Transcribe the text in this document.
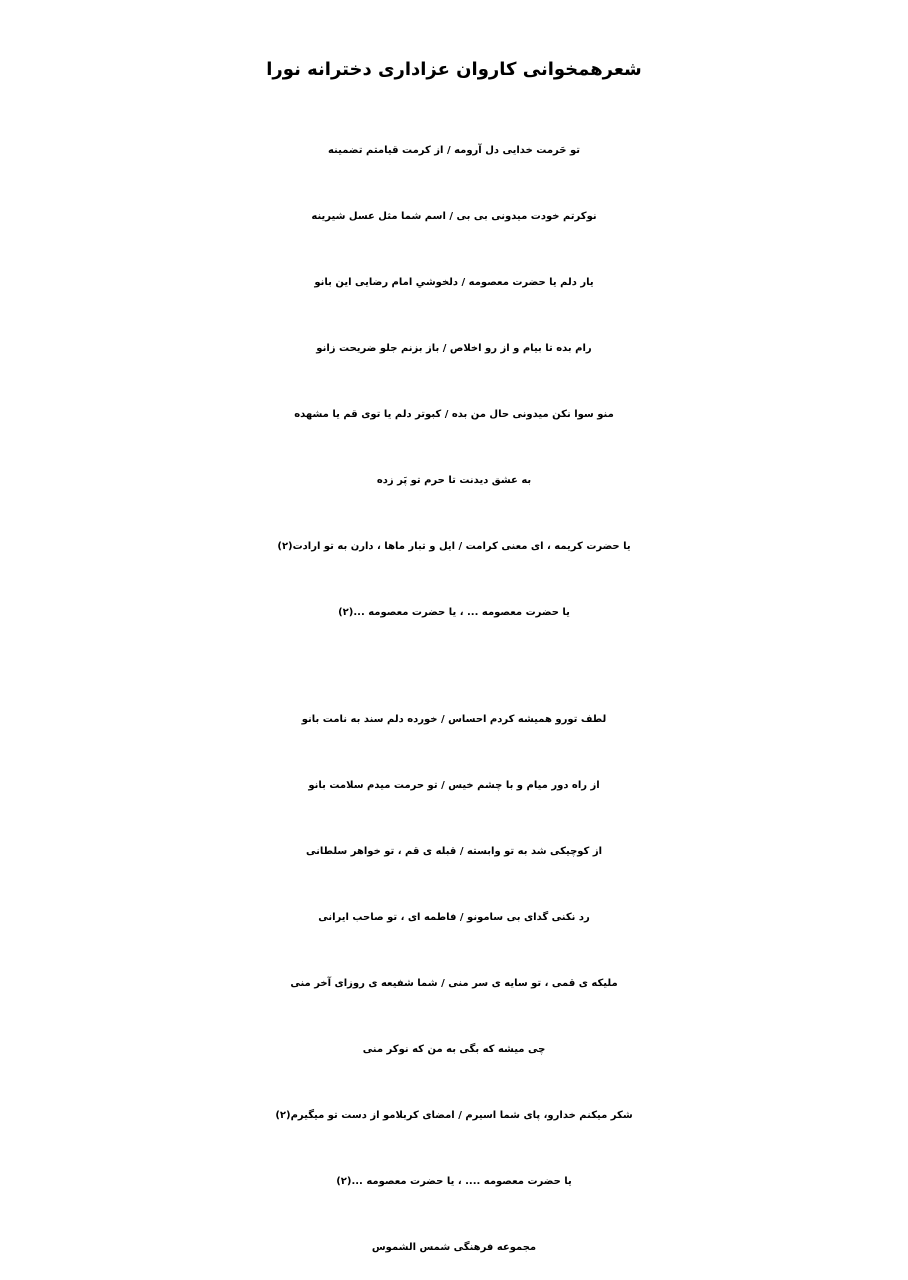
شعرهمخوانی کاروان عزاداری دخترانه نورا
تو حَرمت خدایی دل آرومه / از کرمت قیامتم تضمینه
نوکرتم خودت میدونی بی بی / اسم شما مثل عسل شیرینه
یار دلم یا حضرت معصومه / دلخوشیِ امام رضایی این بانو
رام بده تا بیام و از رو اخلاص / باز بزنم جلو ضریحت زانو
منو سوا نکن میدونی حال من بده / کبوتر دلم یا توی قم یا مشهده
به عشق دیدنت تا حرم تو پَر زده
یا حضرت کریمه ، ای معنی کرامت / ایل و تبار ماها ، دارن به تو ارادت(۲)
یا حضرت معصومه ... ، یا حضرت معصومه ...(۲)
لطف تورو همیشه کردم احساس / خورده دلم سند به نامت بانو
از راه دور میام و با چشم خیس / تو حرمت میدم سلامت بانو
از کوچیکی شد به تو وابسته / قبله ی قم ، تو خواهر سلطانی
رد نکنی گدای بی سامونو / فاطمه ای ، تو صاحب ایرانی
ملیکه ی قمی ، تو سایه ی سر منی / شما شفیعه ی روزای آخر منی
چی میشه که بگی به من که نوکر منی
شکر میکنم خدارو، پای شما اسیرم / امضای کربلامو از دست تو میگیرم(۲)
یا حضرت معصومه .... ، یا حضرت معصومه ...(۲)
مجموعه فرهنگی شمس الشموس
